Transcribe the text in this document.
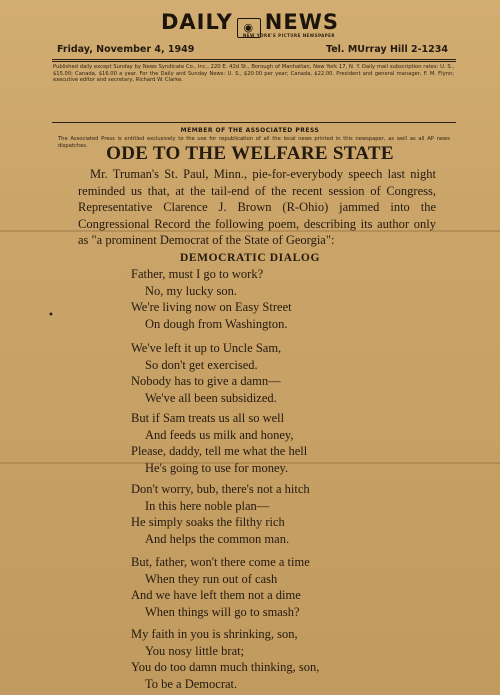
DAILY ◉ NEWS
NEW YORK'S PICTURE NEWSPAPER
Friday, November 4, 1949	Tel. MUrray Hill 2-1234

Published daily except Sunday by News Syndicate Co., Inc., 220 E. 42d St., Borough of Manhattan, New York 17, N. Y. Daily mail subscription rates: U. S., $15.00; Canada, $16.00 a year. For the Daily and Sunday News: U. S., $20.00 per year; Canada, $22.00. President and general manager, F. M. Flynn; executive editor and secretary, Richard W. Clarke.

MEMBER OF THE ASSOCIATED PRESS

The Associated Press is entitled exclusively to the use for republication of all the local news printed in this newspaper, as well as all AP news dispatches. ODE TO THE WELFARE STATE

Mr. Truman's St. Paul, Minn., pie-for-everybody speech last night reminded us that, at the tail-end of the recent session of Congress, Representative Clarence J. Brown (R-Ohio) jammed into the Congressional Record the following poem, describing its author only as "a prominent Democrat of the State of Georgia":

DEMOCRATIC DIALOG
Father, must I go to work?
No, my lucky son.
We're living now on Easy Street
On dough from Washington.
We've left it up to Uncle Sam,
So don't get exercised.
Nobody has to give a damn—
We've all been subsidized.
But if Sam treats us all so well
And feeds us milk and honey,
Please, daddy, tell me what the hell
He's going to use for money.
Don't worry, bub, there's not a hitch
In this here noble plan—
He simply soaks the filthy rich
And helps the common man.
But, father, won't there come a time
When they run out of cash
And we have left them not a dime
When things will go to smash?
My faith in you is shrinking, son,
You nosy little brat;
You do too damn much thinking, son,
To be a Democrat.
•
